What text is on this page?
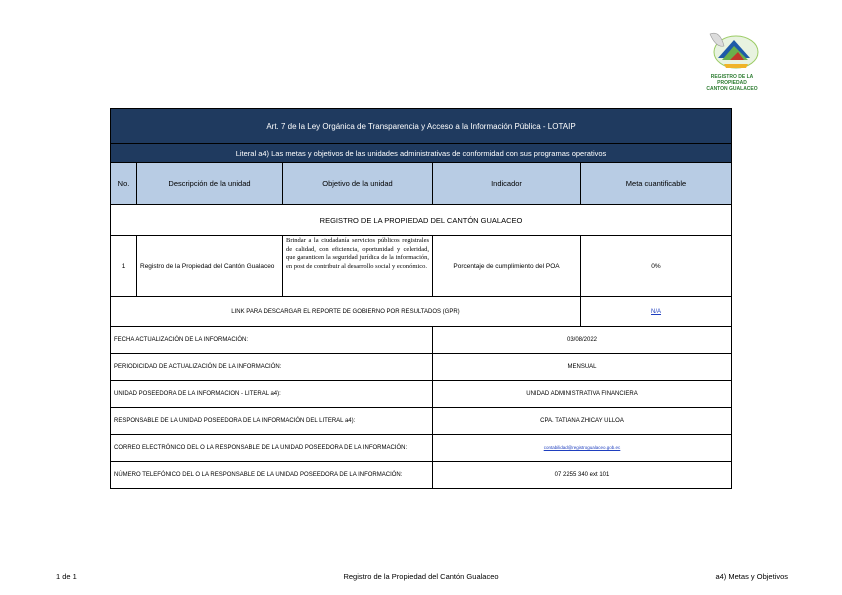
REGISTRO DE LA PROPIEDAD
CANTON GUALACEO
Art. 7 de la Ley Orgánica de Transparencia y Acceso a la Información Pública - LOTAIP				
Literal a4) Las metas y objetivos de las unidades administrativas de conformidad con sus programas operativos				
No.	Descripción de la unidad	Objetivo de la unidad	Indicador	Meta cuantificable
REGISTRO DE LA PROPIEDAD DEL CANTÓN GUALACEO				
1	Registro de la Propiedad del Cantón Gualaceo	Brindar a la ciudadanía servicios públicos registrales de calidad, con eficiencia, oportunidad y celeridad, que garanticen la seguridad jurídica de la información, en post de contribuir al desarrollo social y económico.	Porcentaje de cumplimiento del POA	0%
LINK PARA DESCARGAR EL REPORTE DE GOBIERNO POR RESULTADOS (GPR)				N/A
FECHA ACTUALIZACIÓN DE LA INFORMACIÓN:			03/08/2022	
PERIODICIDAD DE ACTUALIZACIÓN DE LA INFORMACIÓN:			MENSUAL	
UNIDAD POSEEDORA DE LA INFORMACION - LITERAL a4):			UNIDAD ADMINISTRATIVA FINANCIERA	
RESPONSABLE DE LA UNIDAD POSEEDORA DE LA INFORMACIÓN DEL LITERAL a4):			CPA. TATIANA ZHICAY ULLOA	
CORREO ELECTRÓNICO DEL O LA RESPONSABLE DE LA UNIDAD POSEEDORA DE LA INFORMACIÓN:			contabilidad@registrogualaceo.gob.ec	
NÚMERO TELEFÓNICO DEL O LA RESPONSABLE DE LA UNIDAD POSEEDORA DE LA INFORMACIÓN:			07 2255 340 ext 101	
1 de 1	Registro de la Propiedad del Cantón Gualaceo	a4) Metas y Objetivos
